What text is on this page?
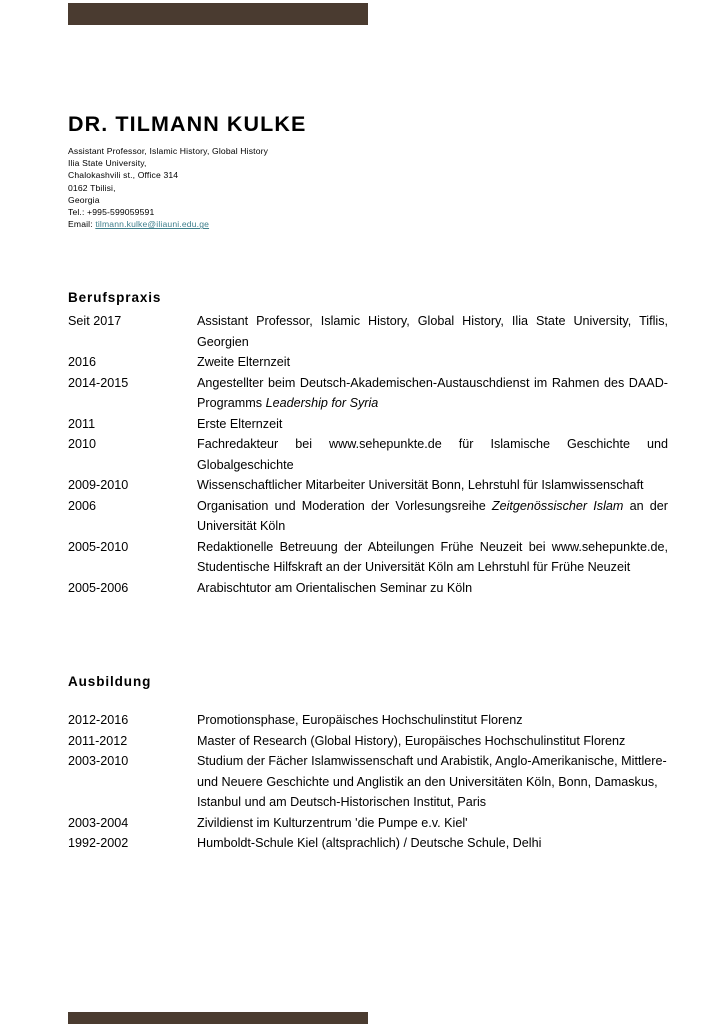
DR. TILMANN KULKE
Assistant Professor, Islamic History, Global History
Ilia State University,
Chalokashvili st., Office 314
0162 Tbilisi,
Georgia
Tel.: +995-599059591
Email: tilmann.kulke@iliauni.edu.ge
Berufspraxis
Seit 2017	Assistant Professor, Islamic History, Global History, Ilia State University, Tiflis, Georgien
2016	Zweite Elternzeit
2014-2015	Angestellter beim Deutsch-Akademischen-Austauschdienst im Rahmen des DAAD-Programms Leadership for Syria
2011	Erste Elternzeit
2010	Fachredakteur bei www.sehepunkte.de für Islamische Geschichte und Globalgeschichte
2009-2010	Wissenschaftlicher Mitarbeiter Universität Bonn, Lehrstuhl für Islamwissenschaft
2006	Organisation und Moderation der Vorlesungsreihe Zeitgenössischer Islam an der Universität Köln
2005-2010	Redaktionelle Betreuung der Abteilungen Frühe Neuzeit bei www.sehepunkte.de, Studentische Hilfskraft an der Universität Köln am Lehrstuhl für Frühe Neuzeit
2005-2006	Arabischtutor am Orientalischen Seminar zu Köln
Ausbildung
2012-2016	Promotionsphase, Europäisches Hochschulinstitut Florenz
2011-2012	Master of Research (Global History), Europäisches Hochschulinstitut Florenz
2003-2010	Studium der Fächer Islamwissenschaft und Arabistik, Anglo-Amerikanische, Mittlere-und Neuere Geschichte und Anglistik an den Universitäten Köln, Bonn, Damaskus, Istanbul und am Deutsch-Historischen Institut, Paris
2003-2004	Zivildienst im Kulturzentrum 'die Pumpe e.v. Kiel'
1992-2002	Humboldt-Schule Kiel (altsprachlich) / Deutsche Schule, Delhi
